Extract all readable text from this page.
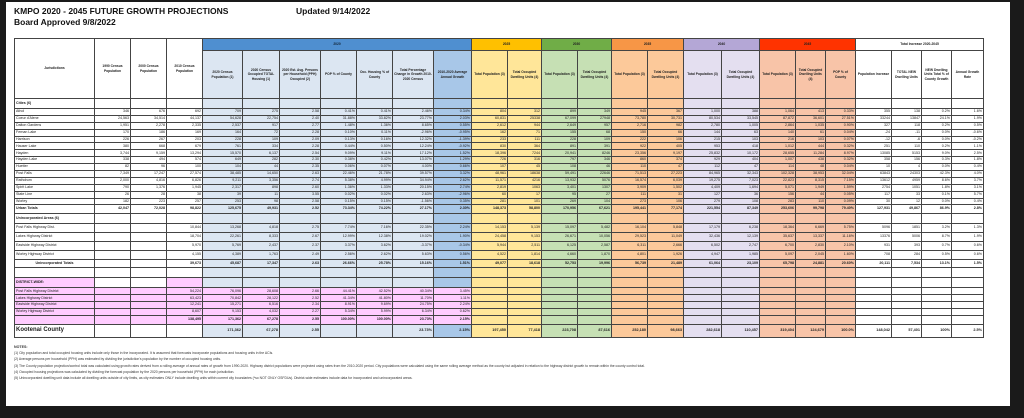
KMPO 2020 - 2045 FUTURE GROWTH PROJECTIONS	Updated 9/14/2022
Board Approved 9/8/2022
Jurisdictions	1990 Census Population	2000 Census Population	2010 Census Population	2020							2025		2030		2035		2040		2045			Total Increase 2020-2045			
				2020 Census Population (1)	2020 Census Occupied TOTAL Housing (1)	2020 Est. Avg. Persons per Household (PPH) Occupied (2)	POP % of County	Occ. Housing % of County	Total Percentage Change in Growth 2010-2020 Census	2010-2020 Average Annual Growth	Total Population (3)	Total Occupied Dwelling Units (4)	Total Population (3)	Total Occupied Dwelling Units (4)	Total Population (3)	Total Occupied Dwelling Units (4)	Total Population (3)	Total Occupied Dwelling Units (4)	Total Population (3)	Total Occupied Dwelling Units (4)	POP % of County	Population Increase	TOTAL NEW Dwelling Units	NEW Dwelling Units Total % of County Growth	Annual Growth Rate
Cities (6)																									
Athol	346	676	692	709	275	2.58	0.41%	0.41%	2.46%	0.34%	804	312	899	349	945	367	1,000	388	1,064	413	0.33%	355	138	0.2%	1.6%
Coeur d'Alene	24,563	34,514	44,137	54,628	22,754	2.40	31.88%	33.82%	23.77%	2.03%	60,831	25338	67,099	27948	73,780	30,731	80,534	33,545	87,872	36,601	27.51%	33244	13847	24.1%	1.9%
Dalton Gardens	1,951	2,278	2,335	2,537	917	2.77	1.48%	1.36%	8.65%	0.55%	2,612	944	2,649	957	2,716	982	2,780	1,005	2,864	1,035	0.90%	327	118	0.2%	0.5%
Fernan Lake	170	186	169	164	72	2.28	0.10%	0.11%	-2.96%	-0.95%	162	71	155	68	150	66	144	63	140	61	0.04%	-24	-11	0.0%	-0.6%
Harrison	226	267	203	228	109	2.09	0.13%	0.16%	12.32%	-1.39%	233	111	228	109	222	106	215	103	216	103	0.07%	-12	-6	0.0%	-0.2%
Hauser Lake	380	668	679	761	334	2.28	0.44%	0.50%	12.24%	-0.92%	830	364	891	391	922	405	953	418	1,012	444	0.32%	251	110	0.2%	1.1%
Hayden	3,744	9,159	13,294	15,570	6,137	2.54	9.09%	9.11%	17.12%	1.52%	18,396	7244	20,941	8246	23,356	9,197	25,832	10,172	28,655	11,284	8.97%	13085	5153	9.0%	2.5%
Hayden Lake	338	494	574	649	282	2.30	0.38%	0.42%	13.07%	1.29%	726	316	797	346	860	374	929	404	1,007	438	0.32%	358	156	0.3%	1.8%
Huetter	82	96	100	104	44	2.35	0.06%	0.07%	4.00%	0.66%	107	45	108	46	110	47	112	47	114	48	0.04%	10	4	0.0%	0.4%
Post Falls	7,349	17,247	27,574	38,485	14,650	2.63	22.46%	21.78%	39.57%	3.32%	48,961	18638	59,491	22646	71,513	27,223	84,965	32,343	102,328	38,953	32.04%	63843	24303	42.3%	4.0%
Rathdrum	2,000	4,816	6,826	9,211	3,356	2.74	5.38%	4.99%	34.94%	2.62%	11,571	4216	13,932	5076	16,574	6,039	19,275	7,023	22,823	8,315	7.15%	13612	4959	8.6%	3.7%
Spirit Lake	790	1,376	1,945	2,317	898	2.60	1.36%	1.33%	20.15%	2.74%	2,819	1063	3,401	1307	3,909	1,502	4,409	1,694	5,071	1,949	1.59%	2754	1051	1.8%	3.1%
State Line	26	28	38	39	11	3.55	0.02%	0.02%	2.63%	-2.96%	60	17	95	27	111	31	127	36	156	44	0.05%	117	33	0.1%	5.7%
Worley	182	223	257	253	98	2.58	0.15%	0.15%	-1.56%	0.35%	281	101	269	104	273	106	279	108	283	110	0.09%	30	12	0.0%	0.4%
Urban Totals	42,047	72,028	98,822	125,675	49,931	2.52	73.34%	74.22%	27.17%	2.30%	148,373	58,800	170,956	67,621	195,441	77,174	221,554	87,349	253,606	99,798	79.40%	127,931	49,867	86.9%	2.8%
Unincorporated Areas (6)																									
Post Falls Highway Dist.			10,844	13,268	4,818	2.75	7.74%	7.16%	22.35%	2.24%	14,153	5,139	15,097	5,482	16,104	5,848	17,179	6,238	18,364	6,669	5.75%	5096	1851	3.2%	1.3%
Lakes Highway District			18,704	22,261	8,333	2.67	12.99%	12.38%	19.02%	1.90%	24,458	9,153	26,671	10,056	29,523	11,049	32,436	12,139	35,637	13,337	11.16%	13376	5006	8.7%	1.9%
Eastside Highway District			5,970	5,769	2,437	2.37	3.37%	3.62%	-3.37%	-0.34%	5,944	2,511	6,125	2,587	6,311	2,666	6,502	2,747	6,700	2,830	2.10%	931	393	0.7%	0.6%
Worley Highway District			4,155	4,389	1,763	2.49	2.56%	2.62%	5.63%	0.56%	4,522	1,814	4,660	1,870	4,801	1,926	4,947	1,985	5,097	2,045	1.60%	708	284	0.5%	0.6%
Unincorporated Totals			39,673	45,687	17,347	2.63	26.66%	25.78%	15.16%	1.51%	49,077	18,618	52,753	19,996	56,739	21,489	61,064	23,109	65,798	24,881	20.60%	20,111	7,534	13.1%	1.5%

DISTRICT-WIDE:																									
Post Falls Highway District			54,224	76,096	28,608	2.66	44.41%	42.52%	40.34%	3.45%															
Lakes Highway District			63,423	70,842	28,122	2.52	41.34%	41.80%	11.70%	1.11%															
Eastside Highway District			12,241	15,271	6,516	2.34	8.91%	9.69%	24.75%	2.24%															
Worley Highway District			8,607	9,153	4,032	2.27	5.34%	5.99%	6.34%	0.62%															
			138,495	171,362	67,278	2.55	100.00%	100.00%	23.73%	2.15%															
Kootenai County				171,362	67,278	2.55			23.73%	2.15%	197,450	77,418	223,708	87,616	252,180	98,663	282,618	110,457	319,404	124,679	100.0%	148,042	57,401	100%	2.5%
NOTES:
(1) City population and total occupied housing units include only those in the incorporated. It is assumed that forecasts incorporate populations and housing units in the ACIs.
(2) Average persons per household (PPH) was estimated by dividing the jurisdiction's population by the number of occupied housing units.
(3) The County population projection/control total was calculated using growth rates derived from a rolling average of annual rates of growth from 1990-2020. Highway district populations were projected using rates from the 2010-2020 period. City populations were calculated using the same rolling average method as the county but adjusted in relation to the highway district growth to remain within the county control total.
(4) Occupied housing projections was calculated by dividing the forecast population by the 2020 persons per household (PPH) for each jurisdiction.
(5) Unincorporated dwelling unit data include all dwelling units outside of city limits, as city estimates ONLY include dwelling units within current city boundaries (*so NOT ONLY OSFDUs). District-wide estimates include data for incorporated and unincorporated areas.
